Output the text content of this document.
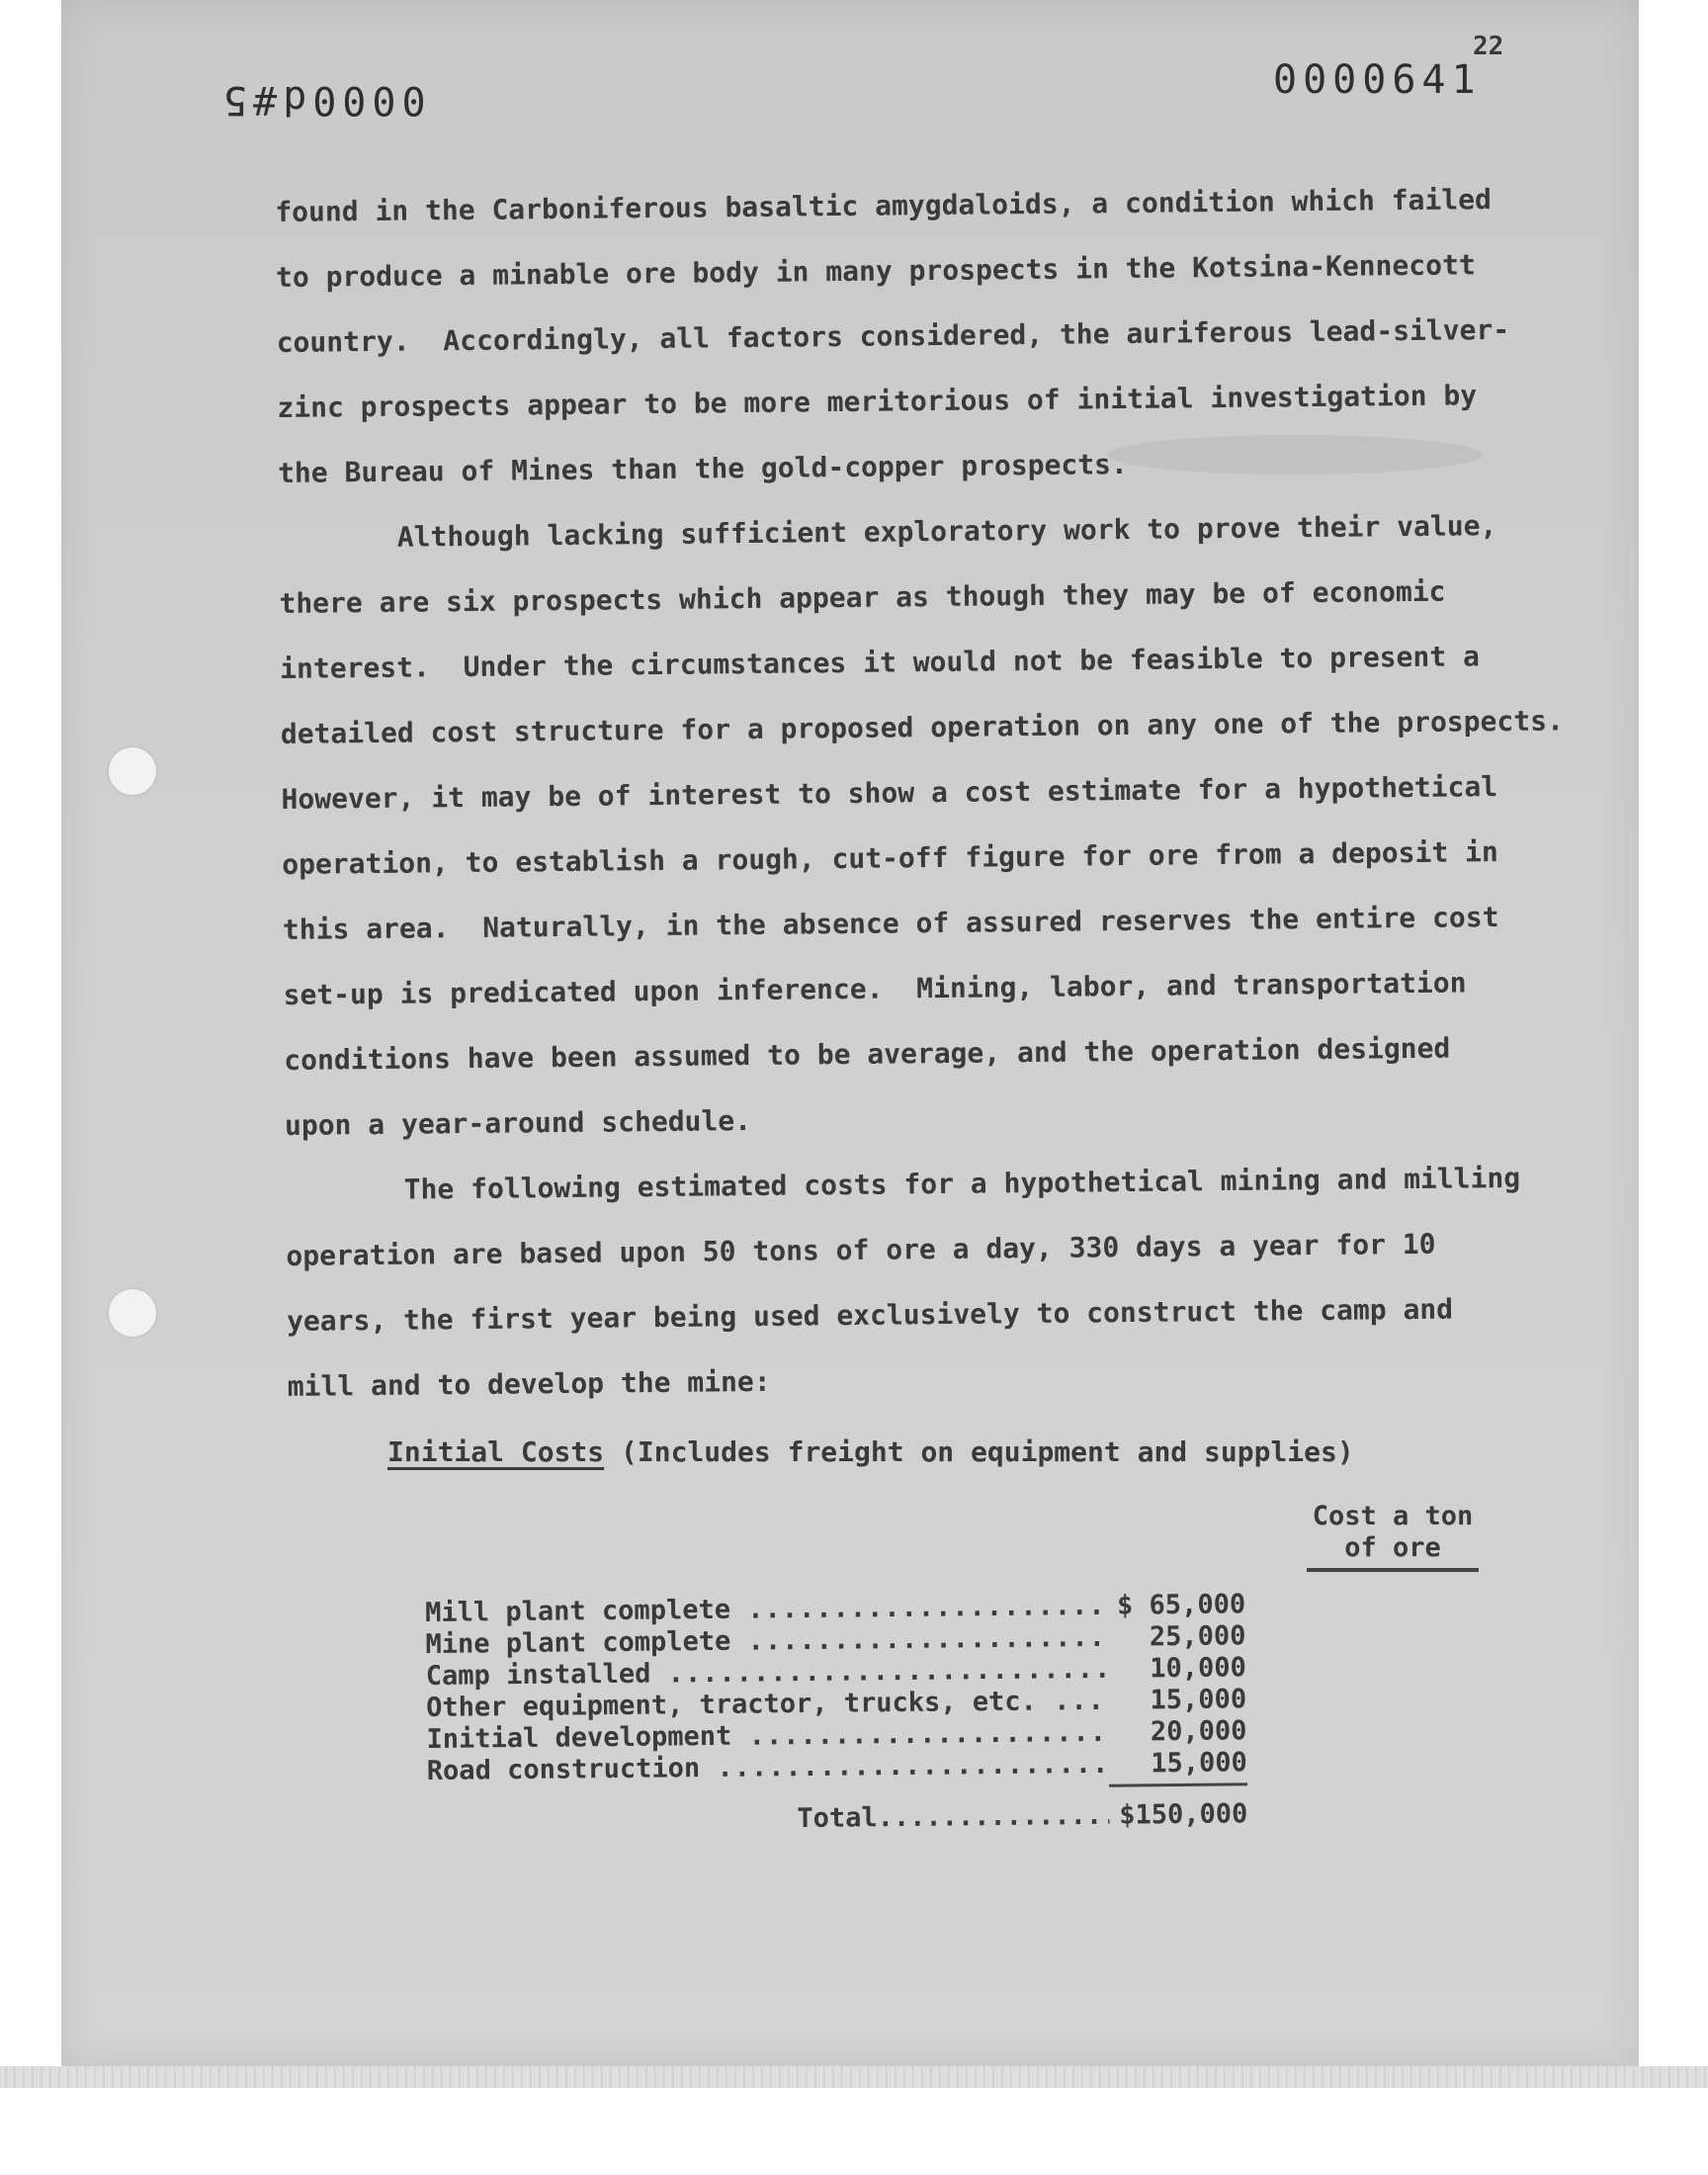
0000d#5	0000641
22

found in the Carboniferous basaltic amygdaloids, a condition which failed
to produce a minable ore body in many prospects in the Kotsina-Kennecott
country.  Accordingly, all factors considered, the auriferous lead-silver-
zinc prospects appear to be more meritorious of initial investigation by
the Bureau of Mines than the gold-copper prospects.

Although lacking sufficient exploratory work to prove their value,
there are six prospects which appear as though they may be of economic
interest.  Under the circumstances it would not be feasible to present a
detailed cost structure for a proposed operation on any one of the prospects.
However, it may be of interest to show a cost estimate for a hypothetical
operation, to establish a rough, cut-off figure for ore from a deposit in
this area.  Naturally, in the absence of assured reserves the entire cost
set-up is predicated upon inference.  Mining, labor, and transportation
conditions have been assumed to be average, and the operation designed
upon a year-around schedule.

The following estimated costs for a hypothetical mining and milling
operation are based upon 50 tons of ore a day, 330 days a year for 10
years, the first year being used exclusively to construct the camp and
mill and to develop the mine:

Initial Costs (Includes freight on equipment and supplies)
Cost a ton
of ore
Mill plant complete .....	$ 65,000
Mine plant complete .....	25,000
Camp installed .....	10,000
Other equipment, tractor, trucks, etc. .....	15,000
Initial development .....	20,000
Road construction .....	15,000
Total .....	$150,000
